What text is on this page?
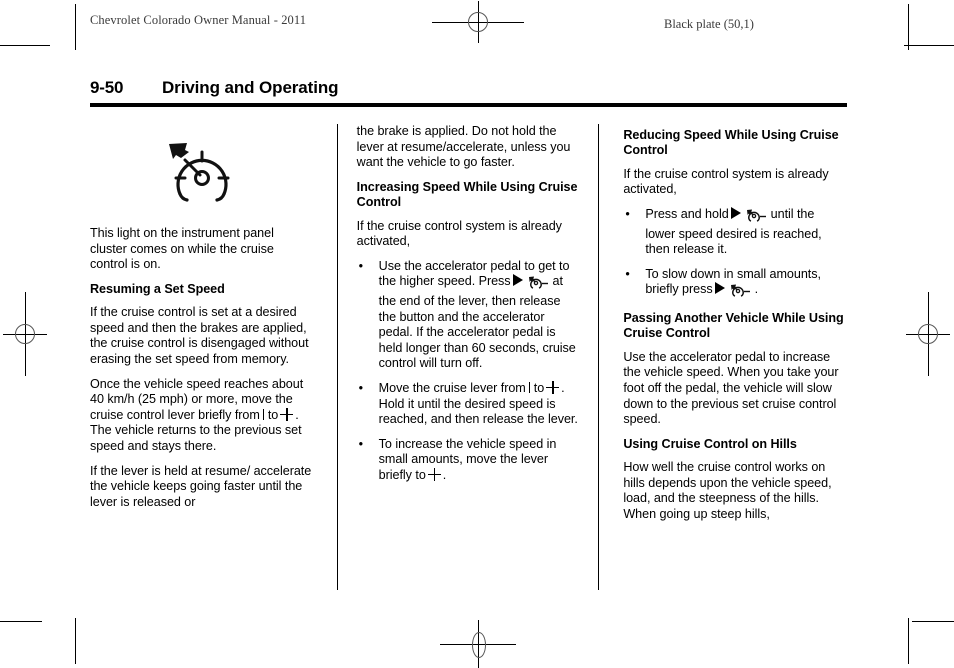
Chevrolet Colorado Owner Manual - 2011	Black plate (50,1)
9-50	Driving and Operating

This light on the instrument panel cluster comes on while the cruise control is on.

Resuming a Set Speed

If the cruise control is set at a desired speed and then the brakes are applied, the cruise control is disengaged without erasing the set speed from memory.

Once the vehicle speed reaches about 40 km/h (25 mph) or more, move the cruise control lever briefly from to . The vehicle returns to the previous set speed and stays there.

If the lever is held at resume/ accelerate the vehicle keeps going faster until the lever is released or

the brake is applied. Do not hold the lever at resume/accelerate, unless you want the vehicle to go faster.

Increasing Speed While Using Cruise Control

If the cruise control system is already activated,

• Use the accelerator pedal to get to the higher speed. Press	at the end of the lever, then release the button and the accelerator pedal. If the accelerator pedal is held longer than 60 seconds, cruise control will turn off.
• Move the cruise lever from to . Hold it until the desired speed is reached, and then release the lever.
• To increase the vehicle speed in small amounts, move the lever briefly to .
Reducing Speed While Using Cruise Control

If the cruise control system is already activated,

• Press and hold	until the lower speed desired is reached, then release it.
• To slow down in small amounts, briefly press	.
Passing Another Vehicle While Using Cruise Control

Use the accelerator pedal to increase the vehicle speed. When you take your foot off the pedal, the vehicle will slow down to the previous set cruise control speed.

Using Cruise Control on Hills

How well the cruise control works on hills depends upon the vehicle speed, load, and the steepness of the hills. When going up steep hills,
